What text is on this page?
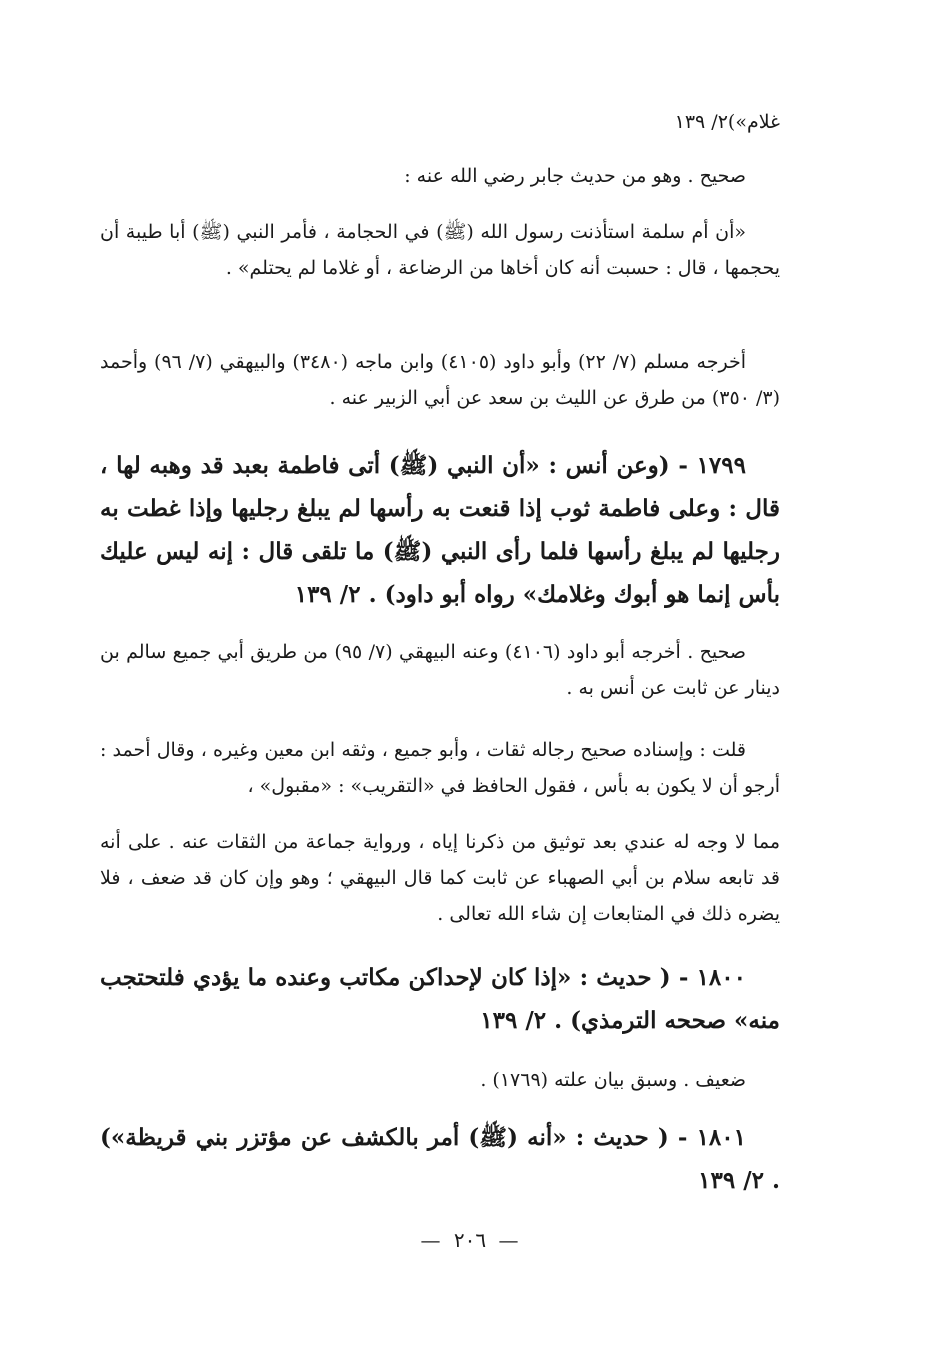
غلام»)٢/ ١٣٩

صحيح . وهو من حديث جابر رضي الله عنه :

«أن أم سلمة استأذنت رسول الله (ﷺ) في الحجامة ، فأمر النبي (ﷺ) أبا طيبة أن يحجمها ، قال : حسبت أنه كان أخاها من الرضاعة ، أو غلاما لم يحتلم» .

أخرجه مسلم (٧/ ٢٢) وأبو داود (٤١٠٥) وابن ماجه (٣٤٨٠) والبيهقي (٧/ ٩٦) وأحمد (٣/ ٣٥٠) من طرق عن الليث بن سعد عن أبي الزبير عنه .

١٧٩٩ - (وعن أنس : «أن النبي (ﷺ) أتى فاطمة بعبد قد وهبه لها ، قال : وعلى فاطمة ثوب إذا قنعت به رأسها لم يبلغ رجليها وإذا غطت به رجليها لم يبلغ رأسها فلما رأى النبي (ﷺ) ما تلقى قال : إنه ليس عليك بأس إنما هو أبوك وغلامك» رواه أبو داود) . ٢/ ١٣٩

صحيح . أخرجه أبو داود (٤١٠٦) وعنه البيهقي (٧/ ٩٥) من طريق أبي جميع سالم بن دينار عن ثابت عن أنس به .

قلت : وإسناده صحيح رجاله ثقات ، وأبو جميع ، وثقه ابن معين وغيره ، وقال أحمد : أرجو أن لا يكون به بأس ، فقول الحافظ في «التقريب» : «مقبول» ،

مما لا وجه له عندي بعد توثيق من ذكرنا إياه ، ورواية جماعة من الثقات عنه . على أنه قد تابعه سلام بن أبي الصهباء عن ثابت كما قال البيهقي ؛ وهو وإن كان قد ضعف ، فلا يضره ذلك في المتابعات إن شاء الله تعالى .

١٨٠٠ - ( حديث : «إذا كان لإحداكن مكاتب وعنده ما يؤدي فلتحتجب منه» صححه الترمذي) . ٢/ ١٣٩

ضعيف . وسبق بيان علته (١٧٦٩) .

١٨٠١ - ( حديث : «أنه (ﷺ) أمر بالكشف عن مؤتزر بني قريظة») . ٢/ ١٣٩

— ٢٠٦ —
